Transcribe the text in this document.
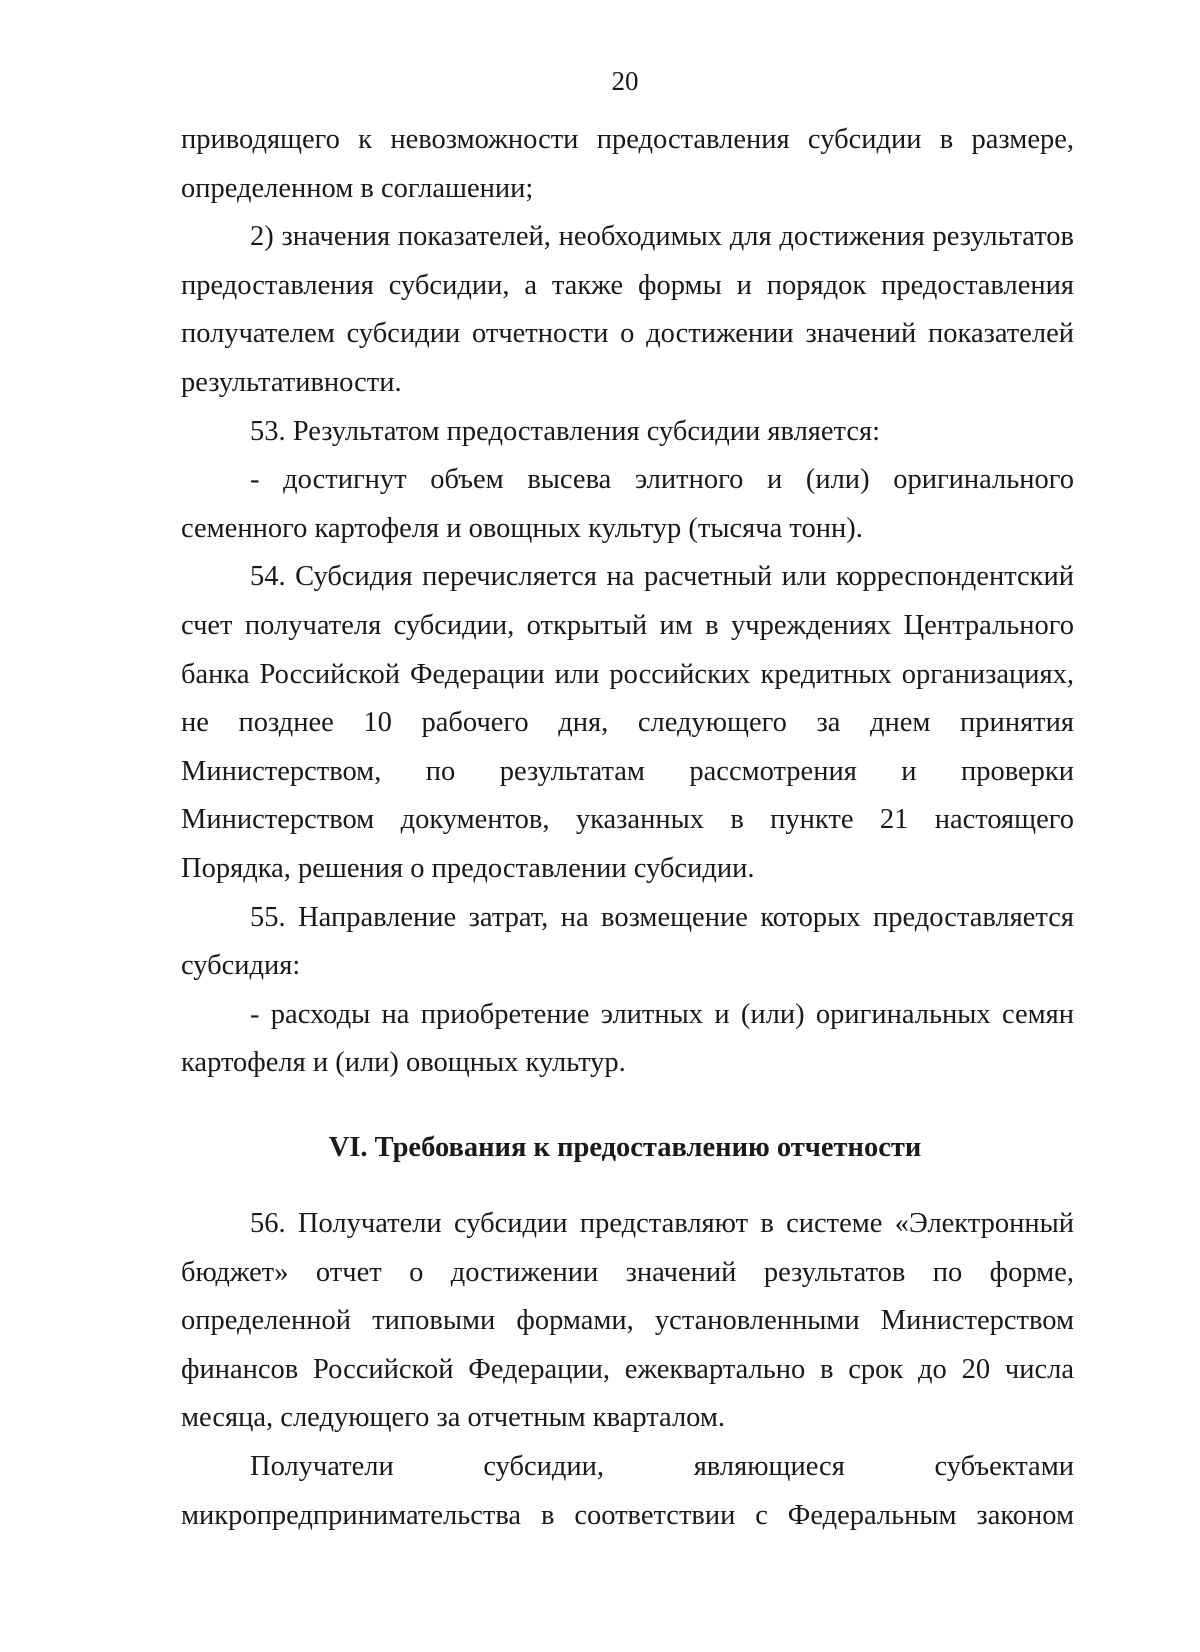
20

приводящего к невозможности предоставления субсидии в размере, определенном в соглашении;

2) значения показателей, необходимых для достижения результатов предоставления субсидии, а также формы и порядок предоставления получателем субсидии отчетности о достижении значений показателей результативности.

53. Результатом предоставления субсидии является:

- достигнут объем высева элитного и (или) оригинального семенного картофеля и овощных культур (тысяча тонн).

54. Субсидия перечисляется на расчетный или корреспондентский счет получателя субсидии, открытый им в учреждениях Центрального банка Российской Федерации или российских кредитных организациях, не позднее 10 рабочего дня, следующего за днем принятия Министерством, по результатам рассмотрения и проверки Министерством документов, указанных в пункте 21 настоящего Порядка, решения о предоставлении субсидии.

55. Направление затрат, на возмещение которых предоставляется субсидия:

- расходы на приобретение элитных и (или) оригинальных семян картофеля и (или) овощных культур.

VI. Требования к предоставлению отчетности

56. Получатели субсидии представляют в системе «Электронный бюджет» отчет о достижении значений результатов по форме, определенной типовыми формами, установленными Министерством финансов Российской Федерации, ежеквартально в срок до 20 числа месяца, следующего за отчетным кварталом.

Получатели субсидии, являющиеся субъектами микропредпринимательства в соответствии с Федеральным законом
